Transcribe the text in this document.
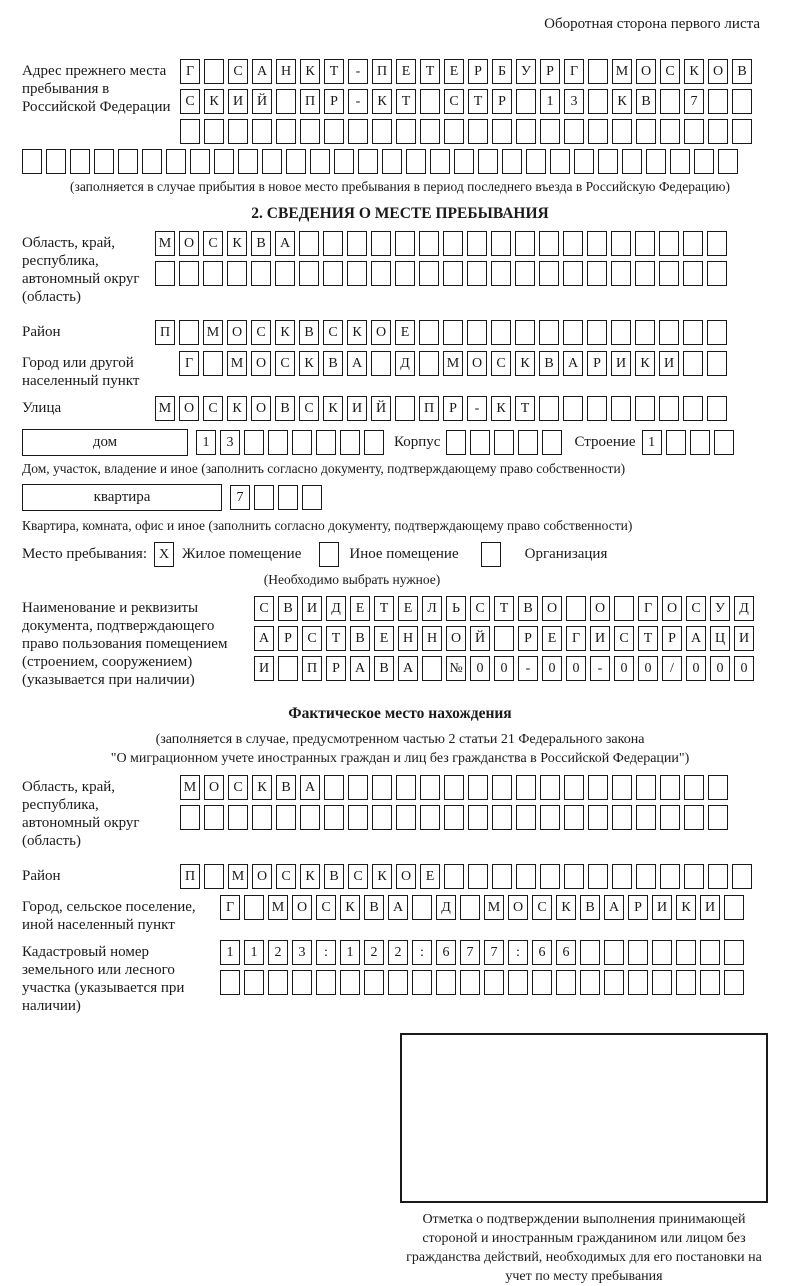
Оборотная сторона первого листа
Адрес прежнего места пребывания в Российской Федерации
Г	С	А Н	К	Т	-	П	Е	Т	Е	Р	Б	У	Р	Г	М О	С	К	О	В
С	К	И Й	П	Р	-	К	Т	С	Т	Р	1	3	К	В	7
(заполняется в случае прибытия в новое место пребывания в период последнего въезда в Российскую Федерацию)
2. СВЕДЕНИЯ О МЕСТЕ ПРЕБЫВАНИЯ
Область, край, республика, автономный округ (область)
М О	С	К	В	А
Район	П	М О	С	К	В	С	К	О	Е
Город или другой населенный пункт
Г	М О	С	К	В	А	Д	М О	С	К	В	А	Р	И	К	И
Улица	М О	С	К	О	В	С	К	И Й	П	Р	-	К	Т
дом	1	3	Корпус	Строение 1
Дом, участок, владение и иное (заполнить согласно документу, подтверждающему право собственности)
квартира	7
Квартира, комната, офис и иное (заполнить согласно документу, подтверждающему право собственности)
Место пребывания: X Жилое помещение	Иное помещение	Организация
(Необходимо выбрать нужное)
Наименование и реквизиты документа, подтверждающего право пользования помещением (строением, сооружением) (указывается при наличии)
С	В	И	Д	Е	Т	Е	Л	Ь	С	Т	В	О	О	Г	О	С	У	Д
А	Р	С	Т	В	Е	Н Н О Й	Р	Е	Г	И	С	Т	Р	А Ц И
И	П	Р	А	В	А	№ 0	0	-	0	0	-	0	0	/	0	0	0
Фактическое место нахождения
(заполняется в случае, предусмотренном частью 2 статьи 21 Федерального закона
"О миграционном учете иностранных граждан и лиц без гражданства в Российской Федерации")
Область, край, республика, автономный округ (область)
М О	С	К	В	А
Район	П	М О	С	К	В	С	К	О	Е
Город, сельское поселение, иной населенный пункт
Г	М О	С	К	В	А	Д	М О	С	К	В	А	Р	И	К	И
Кадастровый номер земельного или лесного участка (указывается при наличии)
1	1	2	3	:	1	2	2	:	6	7	7	:	6	6
Отметка о подтверждении выполнения принимающей стороной и иностранным гражданином или лицом без гражданства действий, необходимых для его постановки на учет по месту пребывания
